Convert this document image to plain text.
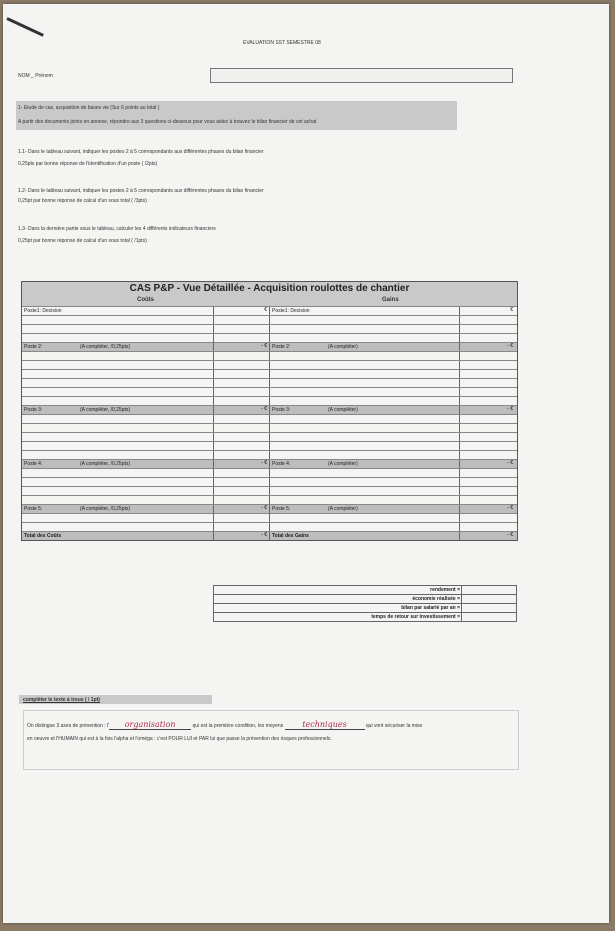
EVALUATION SST SEMESTRE 08
NOM _ Prénom
1- Etude de cas, acquisition de bases vie (Sur 6 points au total )
A partir des documents joints en annexe, répondre aux 3 questions ci-dessous pour vous aidez à trouvez le bilan financier de cet achat
1.1- Dans le tableau suivant, indiquer les postes 2 à 5 correspondants aux différentes phases du bilan financier
0,25pts par bonne réponse de l'identification d'un poste ( /2pts)
1.2- Dans le tableau suivant, indiquer les postes 2 à 5 correspondants aux différentes phases du bilan financier
0,25pt par bonne réponse de calcul d'un sous total ( /3pts)
1.3- Dans la dernière partie sous le tableau, calculer les 4 différents indicateurs financiers
0,25pt par bonne réponse de calcul d'un sous total ( /1pts)
CAS P&P - Vue Détaillée - Acquisition roulottes de chantier
Coûts	Gains
Poste1: Decision	€ Poste1: Decision	€
Poste 2:	(A compléter, /0,25pts)	- € Poste 2:	(A compléter)	- €
Poste 3:	(A compléter, /0,25pts)	- € Poste 3:	(A compléter)	- €
Poste 4:	(A compléter, /0,25pts)	- € Poste 4:	(A compléter)	- €
Poste 5:	(A compléter, /0,25pts)	- € Poste 5:	(A compléter)	- €
Total des Coûts	- € Total des Gains	- €
rendement =
économie réalisée =
bilan par salarié par an =
temps de retour sur investissement =
compléter le texte à trous ( / 1pt)
On distingue 3 axes de prévention : l' organisation	qui est la première condition, les moyens techniques	qui vont sécuriser la mise
en oeuvre et l'HUMAIN qui est à la fois l'alpha et l'oméga : c'est POUR LUI et PAR lui que passe la prévention des risques professionnels.
